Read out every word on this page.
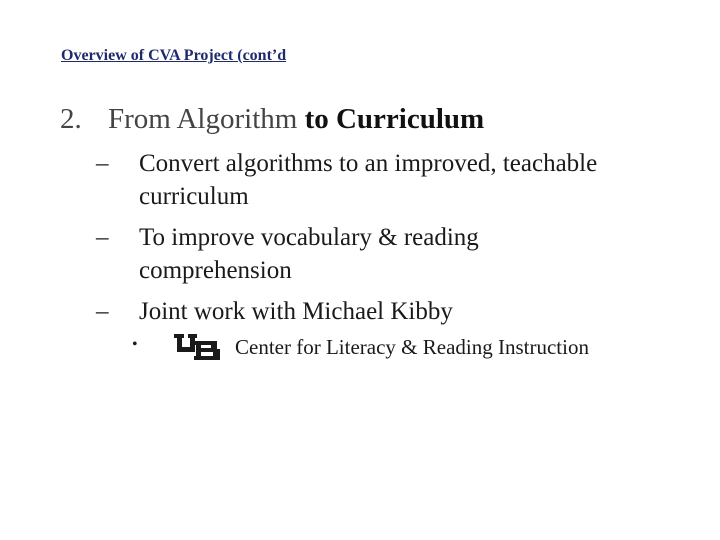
Overview of CVA Project (cont’d
2. From Algorithm to Curriculum
–	Convert algorithms to an improved, teachable curriculum
–	To improve vocabulary & reading comprehension
–	Joint work with Michael Kibby
•	Center for Literacy & Reading Instruction
